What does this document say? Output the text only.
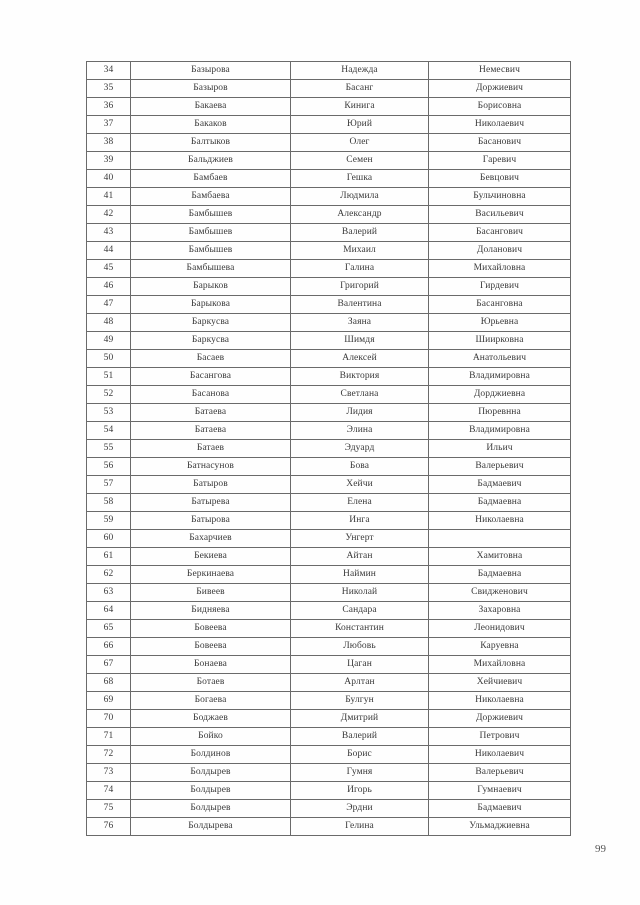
34	Базырова	Надежда	Немесвич
35	Базыров	Басанг	Доржиевич
36	Бакаева	Кинига	Борисовна
37	Бакаков	Юрий	Николаевич
38	Балтыков	Олег	Басанович
39	Бальджиев	Семен	Гаревич
40	Бамбаев	Гешка	Бевцович
41	Бамбаева	Людмила	Бульчиновна
42	Бамбышев	Александр	Васильевич
43	Бамбышев	Валерий	Басангович
44	Бамбышев	Михаил	Доланович
45	Бамбышева	Галина	Михайловна
46	Барыков	Григорий	Гирдевич
47	Барыкова	Валентина	Басанговна
48	Баркусва	Заяна	Юрьевна
49	Баркусва	Шимдя	Шиирковна
50	Басаев	Алексей	Анатольевич
51	Басангова	Виктория	Владимировна
52	Басанова	Светлана	Дорджиевна
53	Батаева	Лидия	Пюревнна
54	Батаева	Элина	Владимировна
55	Батаев	Эдуард	Ильич
56	Батнасунов	Бова	Валерьевич
57	Батыров	Хейчи	Бадмаевич
58	Батырева	Елена	Бадмаевна
59	Батырова	Инга	Николаевна
60	Бахарчиев	Унгерт	
61	Бекиева	Айтан	Хамитовна
62	Беркинаева	Наймин	Бадмаевна
63	Бивеев	Николай	Свидженович
64	Бидняева	Сандара	Захаровна
65	Бовеева	Константин	Леонидович
66	Бовеева	Любовь	Каруевна
67	Бонаева	Цаган	Михайловна
68	Ботаев	Арлтан	Хейчиевич
69	Богаева	Булгун	Николаевна
70	Боджаев	Дмитрий	Доржиевич
71	Бойко	Валерий	Петрович
72	Болдинов	Борис	Николаевич
73	Болдырев	Гумня	Валерьевич
74	Болдырев	Игорь	Гумнаевич
75	Болдырев	Эрдни	Бадмаевич
76	Болдырева	Гелина	Ульмаджиевна
99
